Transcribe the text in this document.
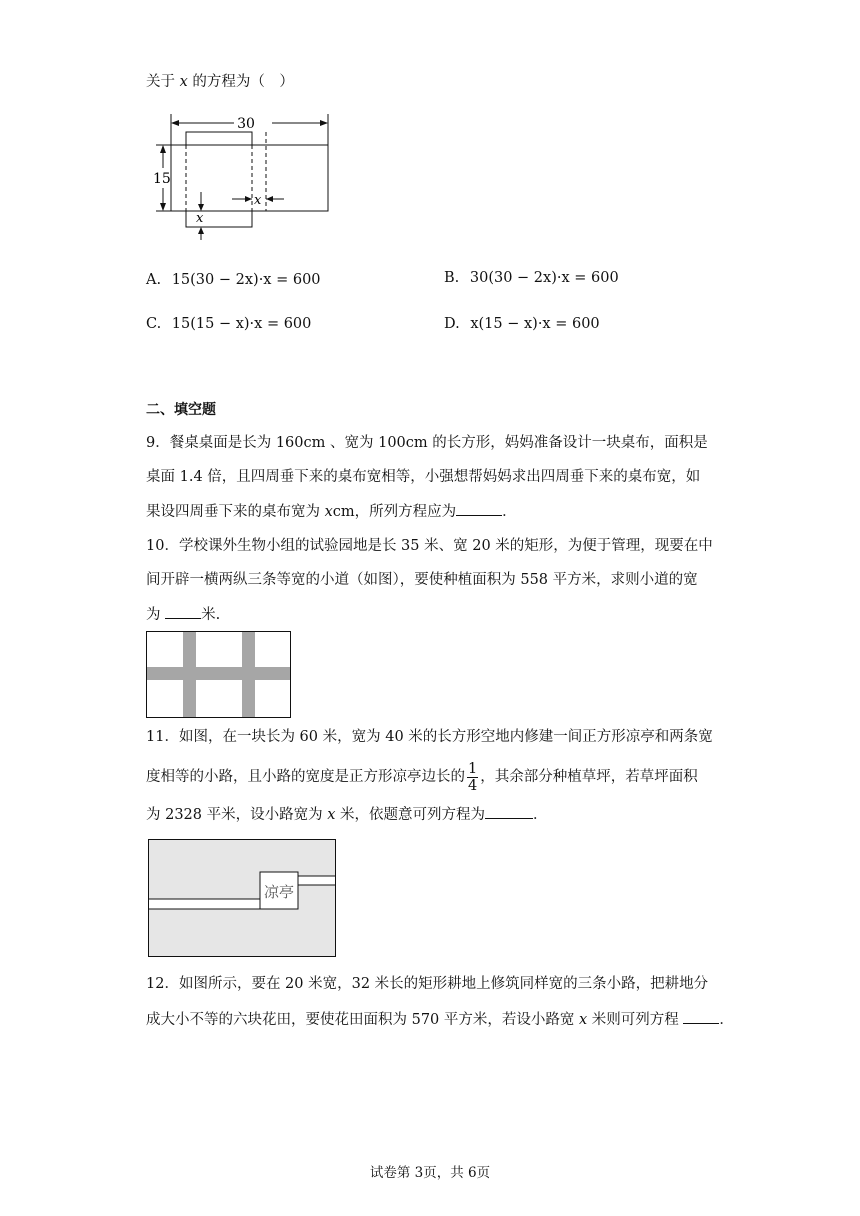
关于 x 的方程为（　）
30
15
x
x
A. 15(30 − 2x)·x = 600	B. 30(30 − 2x)·x = 600
C. 15(15 − x)·x = 600	D. x(15 − x)·x = 600
二、填空题
9．餐桌桌面是长为 160cm 、宽为 100cm 的长方形，妈妈准备设计一块桌布，面积是
桌面 1.4 倍，且四周垂下来的桌布宽相等，小强想帮妈妈求出四周垂下来的桌布宽，如
果设四周垂下来的桌布宽为 xcm，所列方程应为	．
10．学校课外生物小组的试验园地是长 35 米、宽 20 米的矩形，为便于管理，现要在中
间开辟一横两纵三条等宽的小道（如图），要使种植面积为 558 平方米，求则小道的宽
为 米.
11．如图，在一块长为 60 米，宽为 40 米的长方形空地内修建一间正方形凉亭和两条宽
度相等的小路，且小路的宽度是正方形凉亭边长的 $\frac{1}{4}$ ，其余部分种植草坪，若草坪面积
为 2328 平米，设小路宽为 x 米，依题意可列方程为	．
凉亭
12．如图所示，要在 20 米宽，32 米长的矩形耕地上修筑同样宽的三条小路，把耕地分
成大小不等的六块花田，要使花田面积为 570 平方米，若设小路宽 x 米则可列方程 ．
试卷第 3页，共 6页
